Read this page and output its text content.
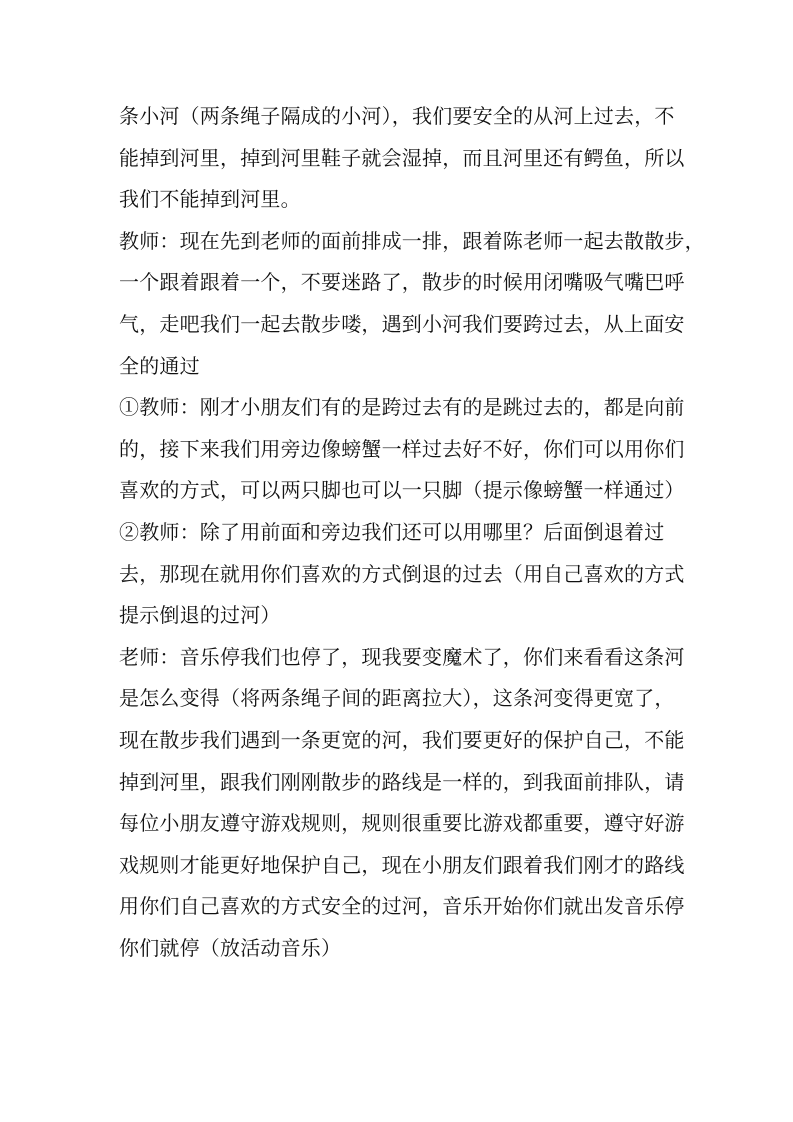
条小河（两条绳子隔成的小河），我们要安全的从河上过去，不
能掉到河里，掉到河里鞋子就会湿掉，而且河里还有鳄鱼，所以
我们不能掉到河里。
教师：现在先到老师的面前排成一排，跟着陈老师一起去散散步，
一个跟着跟着一个，不要迷路了，散步的时候用闭嘴吸气嘴巴呼
气，走吧我们一起去散步喽，遇到小河我们要跨过去，从上面安
全的通过
①教师：刚才小朋友们有的是跨过去有的是跳过去的，都是向前
的，接下来我们用旁边像螃蟹一样过去好不好，你们可以用你们
喜欢的方式，可以两只脚也可以一只脚（提示像螃蟹一样通过）
②教师：除了用前面和旁边我们还可以用哪里？后面倒退着过
去，那现在就用你们喜欢的方式倒退的过去（用自己喜欢的方式
提示倒退的过河）
老师：音乐停我们也停了，现我要变魔术了，你们来看看这条河
是怎么变得（将两条绳子间的距离拉大），这条河变得更宽了，
现在散步我们遇到一条更宽的河，我们要更好的保护自己，不能
掉到河里，跟我们刚刚散步的路线是一样的，到我面前排队，请
每位小朋友遵守游戏规则，规则很重要比游戏都重要，遵守好游
戏规则才能更好地保护自己，现在小朋友们跟着我们刚才的路线
用你们自己喜欢的方式安全的过河，音乐开始你们就出发音乐停
你们就停（放活动音乐）
